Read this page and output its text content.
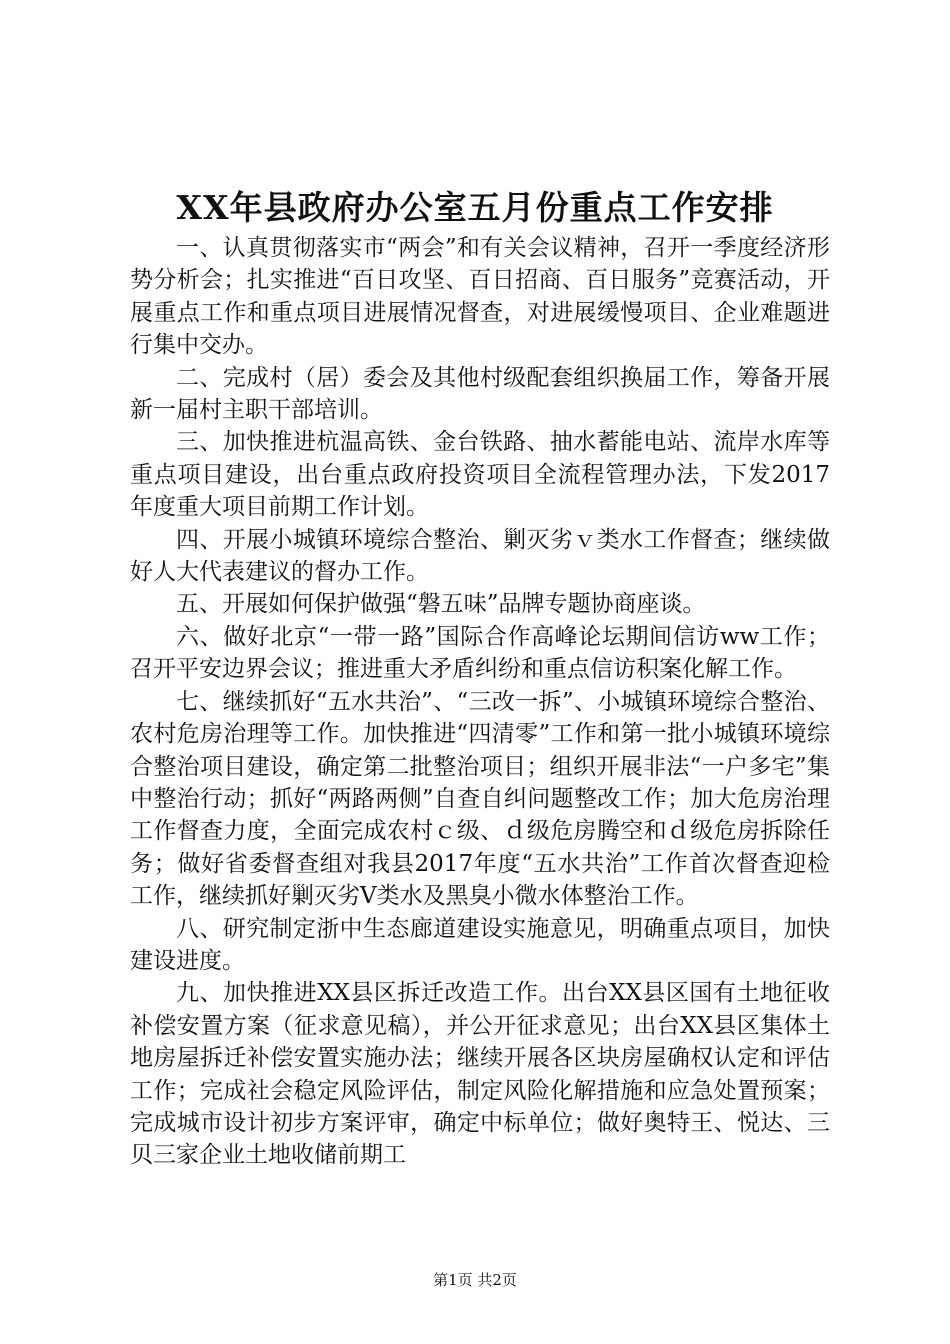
XX年县政府办公室五月份重点工作安排

一、认真贯彻落实市“两会”和有关会议精神，召开一季度经济形势分析会；扎实推进“百日攻坚、百日招商、百日服务”竞赛活动，开展重点工作和重点项目进展情况督查，对进展缓慢项目、企业难题进行集中交办。

二、完成村（居）委会及其他村级配套组织换届工作，筹备开展新一届村主职干部培训。

三、加快推进杭温高铁、金台铁路、抽水蓄能电站、流岸水库等重点项目建设，出台重点政府投资项目全流程管理办法，下发2017年度重大项目前期工作计划。

四、开展小城镇环境综合整治、剿灭劣ｖ类水工作督查；继续做好人大代表建议的督办工作。

五、开展如何保护做强“磐五味”品牌专题协商座谈。

六、做好北京“一带一路”国际合作高峰论坛期间信访ww工作；召开平安边界会议；推进重大矛盾纠纷和重点信访积案化解工作。

七、继续抓好“五水共治”、“三改一拆”、小城镇环境综合整治、农村危房治理等工作。加快推进“四清零”工作和第一批小城镇环境综合整治项目建设，确定第二批整治项目；组织开展非法“一户多宅”集中整治行动；抓好“两路两侧”自查自纠问题整改工作；加大危房治理工作督查力度，全面完成农村ｃ级、ｄ级危房腾空和ｄ级危房拆除任务；做好省委督查组对我县2017年度“五水共治”工作首次督查迎检工作，继续抓好剿灭劣Ⅴ类水及黑臭小微水体整治工作。

八、研究制定浙中生态廊道建设实施意见，明确重点项目，加快建设进度。

九、加快推进XX县区拆迁改造工作。出台XX县区国有土地征收补偿安置方案（征求意见稿），并公开征求意见；出台XX县区集体土地房屋拆迁补偿安置实施办法；继续开展各区块房屋确权认定和评估工作；完成社会稳定风险评估，制定风险化解措施和应急处置预案；完成城市设计初步方案评审，确定中标单位；做好奥特王、悦达、三贝三家企业土地收储前期工

第1页 共2页
